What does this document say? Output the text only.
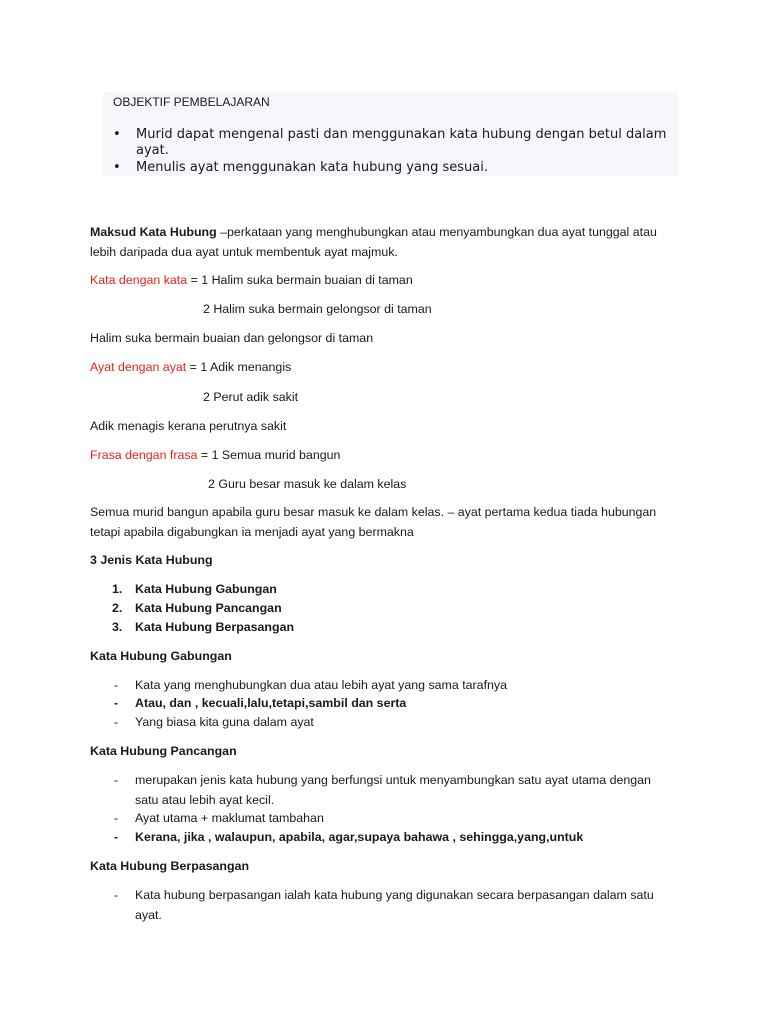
OBJEKTIF PEMBELAJARAN
•	Murid dapat mengenal pasti dan menggunakan kata hubung dengan betul dalam ayat.
•	Menulis ayat menggunakan kata hubung yang sesuai.
Maksud Kata Hubung –perkataan yang menghubungkan atau menyambungkan dua ayat tunggal atau lebih daripada dua ayat untuk membentuk ayat majmuk.
Kata dengan kata = 1 Halim suka bermain buaian di taman
2 Halim suka bermain gelongsor di taman
Halim suka bermain buaian dan gelongsor di taman
Ayat dengan ayat = 1 Adik menangis
2 Perut adik sakit
Adik menagis kerana perutnya sakit
Frasa dengan frasa = 1 Semua murid bangun
2 Guru besar masuk ke dalam kelas
Semua murid bangun apabila guru besar masuk ke dalam kelas. – ayat pertama kedua tiada hubungan tetapi apabila digabungkan ia menjadi ayat yang bermakna
3 Jenis Kata Hubung
1.	Kata Hubung Gabungan
2.	Kata Hubung Pancangan
3.	Kata Hubung Berpasangan
Kata Hubung Gabungan
-	Kata yang menghubungkan dua atau lebih ayat yang sama tarafnya
-	Atau, dan , kecuali,lalu,tetapi,sambil dan serta
-	Yang biasa kita guna dalam ayat
Kata Hubung Pancangan
-	merupakan jenis kata hubung yang berfungsi untuk menyambungkan satu ayat utama dengan satu atau lebih ayat kecil.
-	Ayat utama + maklumat tambahan
-	Kerana, jika , walaupun, apabila, agar,supaya bahawa , sehingga,yang,untuk
Kata Hubung Berpasangan
-	Kata hubung berpasangan ialah kata hubung yang digunakan secara berpasangan dalam satu ayat.
